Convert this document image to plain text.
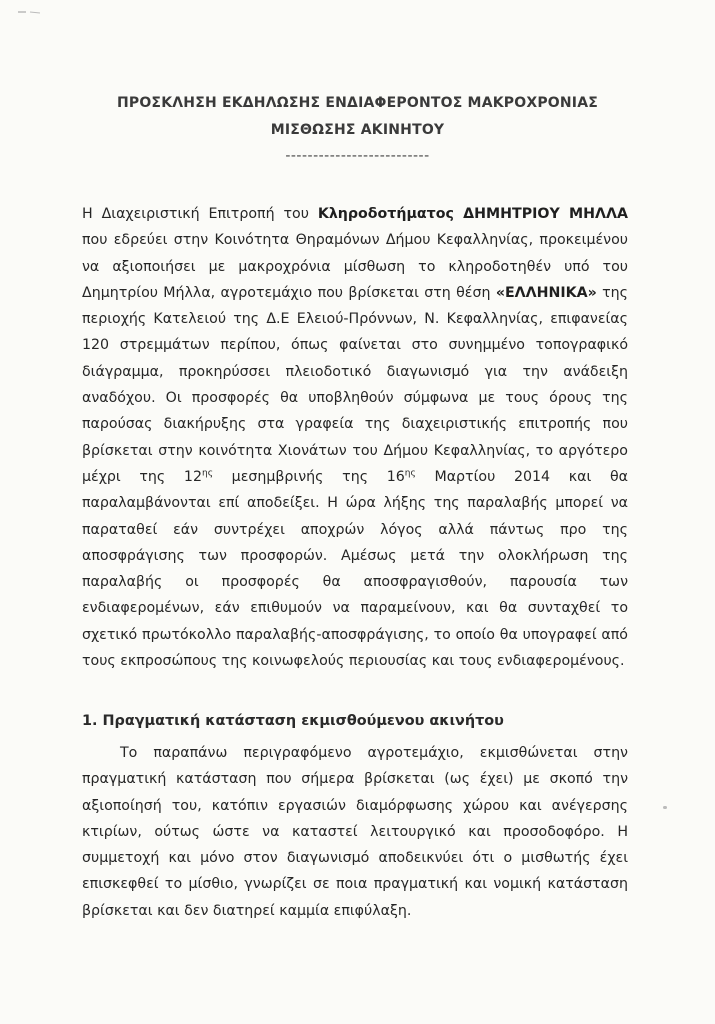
ΠΡΟΣΚΛΗΣΗ ΕΚΔΗΛΩΣΗΣ ΕΝΔΙΑΦΕΡΟΝΤΟΣ ΜΑΚΡΟΧΡΟΝΙΑΣ
ΜΙΣΘΩΣΗΣ ΑΚΙΝΗΤΟΥ
--------------------------

Η Διαχειριστική Επιτροπή του Κληροδοτήματος ΔΗΜΗΤΡΙΟΥ ΜΗΛΛΑ που εδρεύει στην Κοινότητα Θηραμόνων Δήμου Κεφαλληνίας, προκειμένου να αξιοποιήσει με μακροχρόνια μίσθωση το κληροδοτηθέν υπό του Δημητρίου Μήλλα, αγροτεμάχιο που βρίσκεται στη θέση «ΕΛΛΗΝΙΚΑ» της περιοχής Κατελειού της Δ.Ε Ελειού-Πρόννων, Ν. Κεφαλληνίας, επιφανείας 120 στρεμμάτων περίπου, όπως φαίνεται στο συνημμένο τοπογραφικό διάγραμμα, προκηρύσσει πλειοδοτικό διαγωνισμό για την ανάδειξη αναδόχου. Οι προσφορές θα υποβληθούν σύμφωνα με τους όρους της παρούσας διακήρυξης στα γραφεία της διαχειριστικής επιτροπής που βρίσκεται στην κοινότητα Χιονάτων του Δήμου Κεφαλληνίας, το αργότερο μέχρι της $12^{\eta\varsigma}$ μεσημβρινής της $16^{\eta\varsigma}$ Μαρτίου 2014 και θα παραλαμβάνονται επί αποδείξει. Η ώρα λήξης της παραλαβής μπορεί να παραταθεί εάν συντρέχει αποχρών λόγος αλλά πάντως προ της αποσφράγισης των προσφορών. Αμέσως μετά την ολοκλήρωση της παραλαβής οι προσφορές θα αποσφραγισθούν, παρουσία των ενδιαφερομένων, εάν επιθυμούν να παραμείνουν, και θα συνταχθεί το σχετικό πρωτόκολλο παραλαβής-αποσφράγισης, το οποίο θα υπογραφεί από τους εκπροσώπους της κοινωφελούς περιουσίας και τους ενδιαφερομένους.

1. Πραγματική κατάσταση εκμισθούμενου ακινήτου

Το παραπάνω περιγραφόμενο αγροτεμάχιο, εκμισθώνεται στην πραγματική κατάσταση που σήμερα βρίσκεται (ως έχει) με σκοπό την αξιοποίησή του, κατόπιν εργασιών διαμόρφωσης χώρου και ανέγερσης κτιρίων, ούτως ώστε να καταστεί λειτουργικό και προσοδοφόρο. Η συμμετοχή και μόνο στον διαγωνισμό αποδεικνύει ότι ο μισθωτής έχει επισκεφθεί το μίσθιο, γνωρίζει σε ποια πραγματική και νομική κατάσταση βρίσκεται και δεν διατηρεί καμμία επιφύλαξη.
